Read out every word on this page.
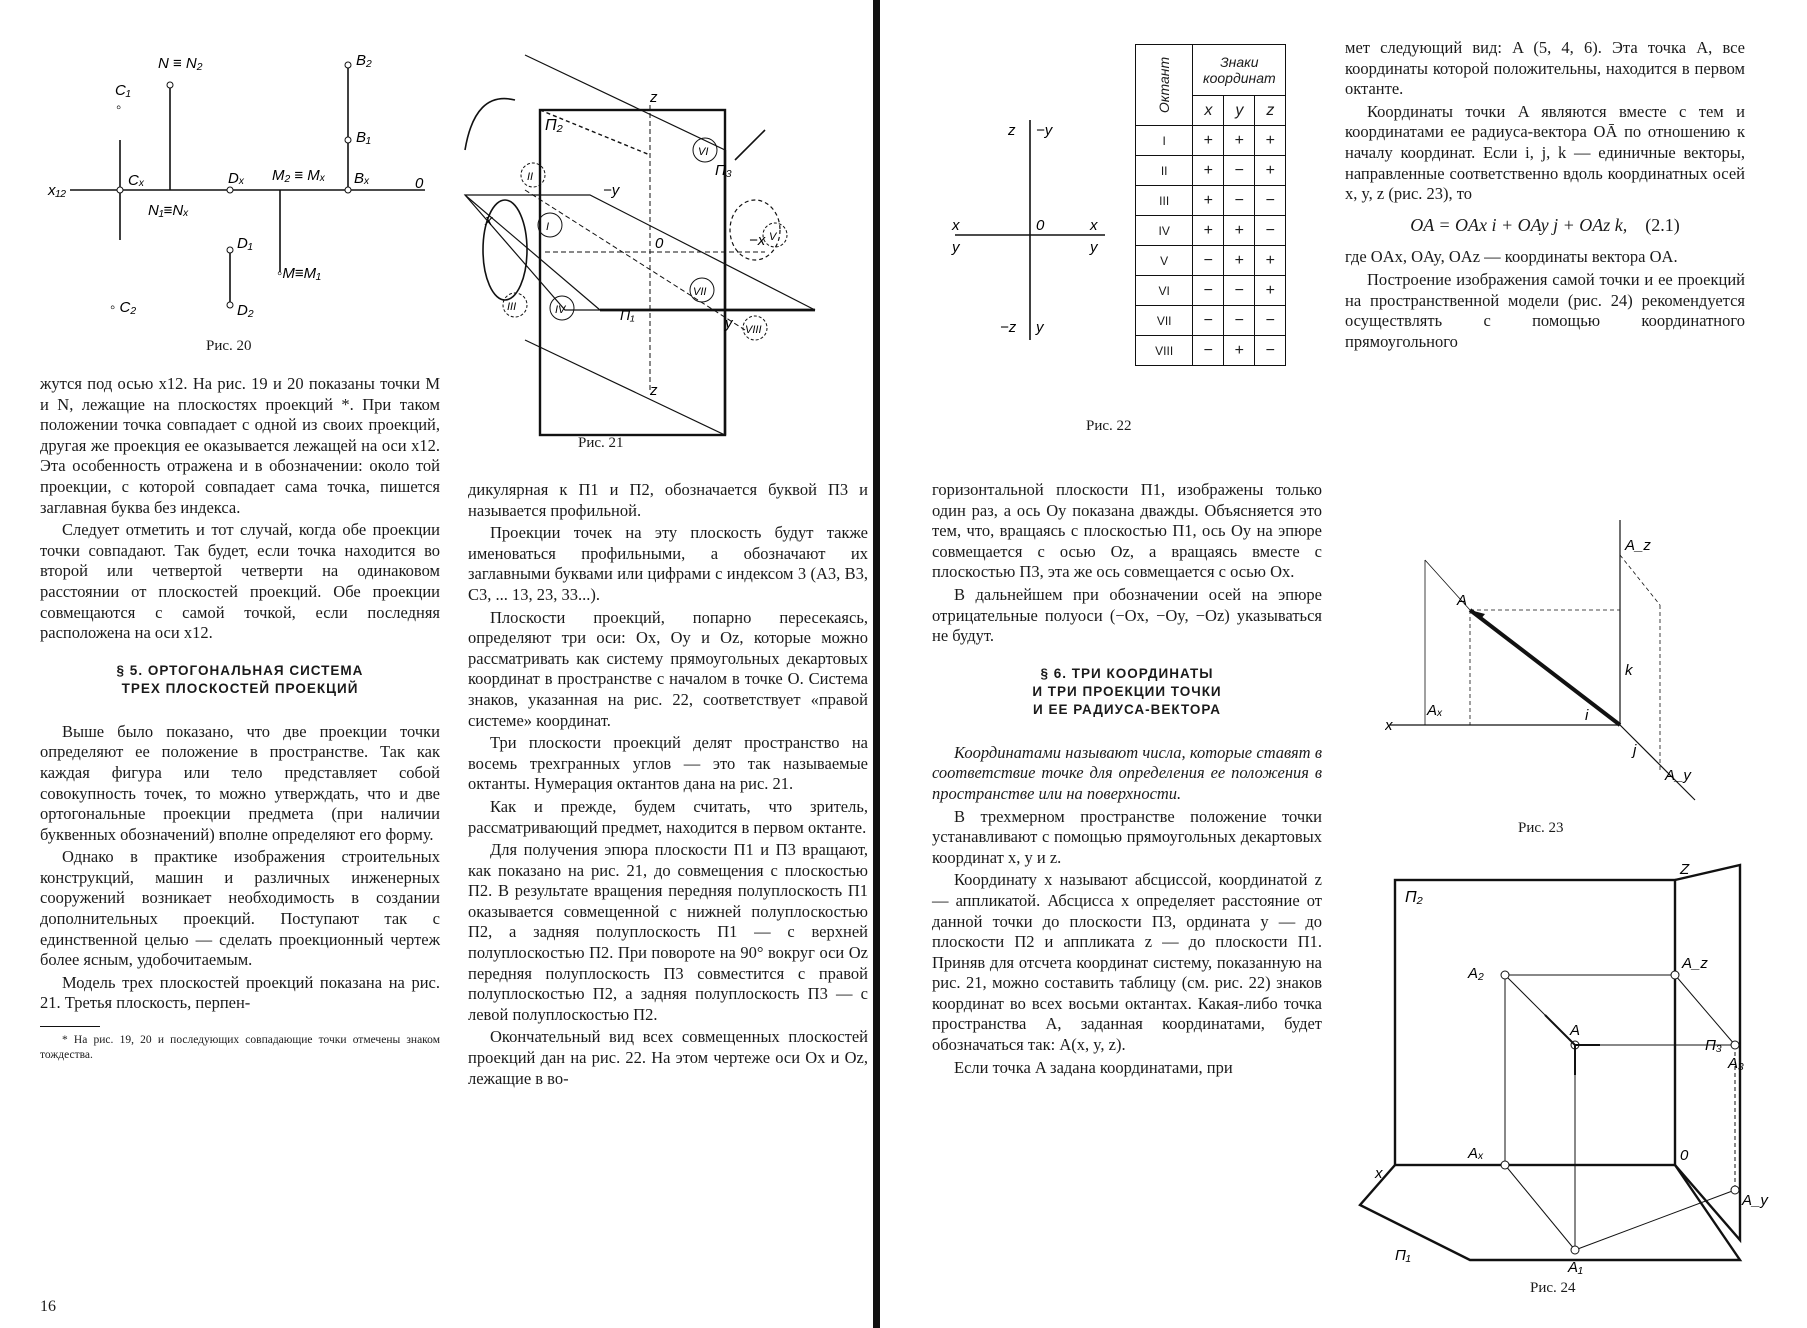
x₁₂	0
C₁
◦
Cₓ
◦ C₂
N ≡ N₂
N₁≡Nₓ
Dₓ
D₁
D₂
M₂ ≡ Mₓ
◦M≡M₁
B₂
B₁
Bₓ
Рис. 20
П₂
П₃
П₁
z
0
−y
y
x
−x
z
II
I
III	IV
VI
V
VII
VIII
Рис. 21

жутся под осью x12. На рис. 19 и 20 показаны точки M и N, лежащие на плоскостях проекций *. При таком положении точка совпадает с одной из своих проекций, другая же проекция ее оказывается лежащей на оси x12. Эта особенность отражена и в обозначении: около той проекции, с которой совпадает сама точка, пишется заглавная буква без индекса.

Следует отметить и тот случай, когда обе проекции точки совпадают. Так будет, если точка находится во второй или четвертой четверти на одинаковом расстоянии от плоскостей проекций. Обе проекции совмещаются с самой точкой, если последняя расположена на оси x12.

§ 5. ОРТОГОНАЛЬНАЯ СИСТЕМА
ТРЕХ ПЛОСКОСТЕЙ ПРОЕКЦИЙ

Выше было показано, что две проекции точки определяют ее положение в пространстве. Так как каждая фигура или тело представляет собой совокупность точек, то можно утверждать, что и две ортогональные проекции предмета (при наличии буквенных обозначений) вполне определяют его форму.

Однако в практике изображения строительных конструкций, машин и различных инженерных сооружений возникает необходимость в создании дополнительных проекций. Поступают так с единственной целью — сделать проекционный чертеж более ясным, удобочитаемым.

Модель трех плоскостей проекций показана на рис. 21. Третья плоскость, перпен-

* На рис. 19, 20 и последующих совпадающие точки отмечены знаком тождества.

16

дикулярная к П1 и П2, обозначается буквой П3 и называется профильной.

Проекции точек на эту плоскость будут также именоваться профильными, а обозначают их заглавными буквами или цифрами с индексом 3 (A3, B3, C3, ... 13, 23, 33...).

Плоскости проекций, попарно пересекаясь, определяют три оси: Ox, Oy и Oz, которые можно рассматривать как систему прямоугольных декартовых координат в пространстве с началом в точке O. Система знаков, указанная на рис. 22, соответствует «правой системе» координат.

Три плоскости проекций делят пространство на восемь трехгранных углов — это так называемые октанты. Нумерация октантов дана на рис. 21.

Как и прежде, будем считать, что зритель, рассматривающий предмет, находится в первом октанте.

Для получения эпюра плоскости П1 и П3 вращают, как показано на рис. 21, до совмещения с плоскостью П2. В результате вращения передняя полуплоскость П1 оказывается совмещенной с нижней полуплоскостью П2, а задняя полуплоскость П1 — с верхней полуплоскостью П2. При повороте на 90° вокруг оси Oz передняя полуплоскость П3 совместится с правой полуплоскостью П2, а задняя полуплоскость П3 — с левой полуплоскостью П2.

Окончательный вид всех совмещенных плоскостей проекций дан на рис. 22. На этом чертеже оси Ox и Oz, лежащие в во-

z −y
0
x
y
x
y
−z y
Октант	Знаки координат		
	x	y	z
I	+	+	+
II	+	−	+
III	+	−	−
IV	+	+	−
V	−	+	+
VI	−	−	+
VII	−	−	−
VIII	−	+	−
Рис. 22

горизонтальной плоскости П1, изображены только один раз, а ось Oy показана дважды. Объясняется это тем, что, вращаясь с плоскостью П1, ось Oy на эпюре совмещается с осью Oz, а вращаясь вместе с плоскостью П3, эта же ось совмещается с осью Ox.

В дальнейшем при обозначении осей на эпюре отрицательные полуоси (−Ox, −Oy, −Oz) указываться не будут.

§ 6. ТРИ КООРДИНАТЫ
И ТРИ ПРОЕКЦИИ ТОЧКИ
И ЕЕ РАДИУСА-ВЕКТОРА

Координатами называют числа, которые ставят в соответствие точке для определения ее положения в пространстве или на поверхности.

В трехмерном пространстве положение точки устанавливают с помощью прямоугольных декартовых координат x, y и z.

Координату x называют абсциссой, координатой z — аппликатой. Абсцисса x определяет расстояние от данной точки до плоскости П3, ордината y — до плоскости П2 и аппликата z — до плоскости П1. Приняв для отсчета координат систему, показанную на рис. 21, можно составить таблицу (см. рис. 22) знаков координат во всех восьми октантах. Какая-либо точка пространства A, заданная координатами, будет обозначаться так: A(x, y, z).

Если точка A задана координатами, при

мет следующий вид: A (5, 4, 6). Эта точка A, все координаты которой положительны, находится в первом октанте.

Координаты точки A являются вместе с тем и координатами ее радиуса-вектора OĀ по отношению к началу координат. Если i, j, k — единичные векторы, направленные соответственно вдоль координатных осей x, y, z (рис. 23), то

OA = OAx i + OAy j + OAz k, (2.1)

где OAx, OAy, OAz — координаты вектора OA.

Построение изображения самой точки и ее проекций на пространственной модели (рис. 24) рекомендуется осуществлять с помощью координатного прямоугольного

x
A
A_z
Aₓ
A_y
k
i
j
Рис. 23
П₂
П₃
П₁
Z
x
0
A₂
A_z
A
A₃
Aₓ
A₁
A_y
Рис. 24
